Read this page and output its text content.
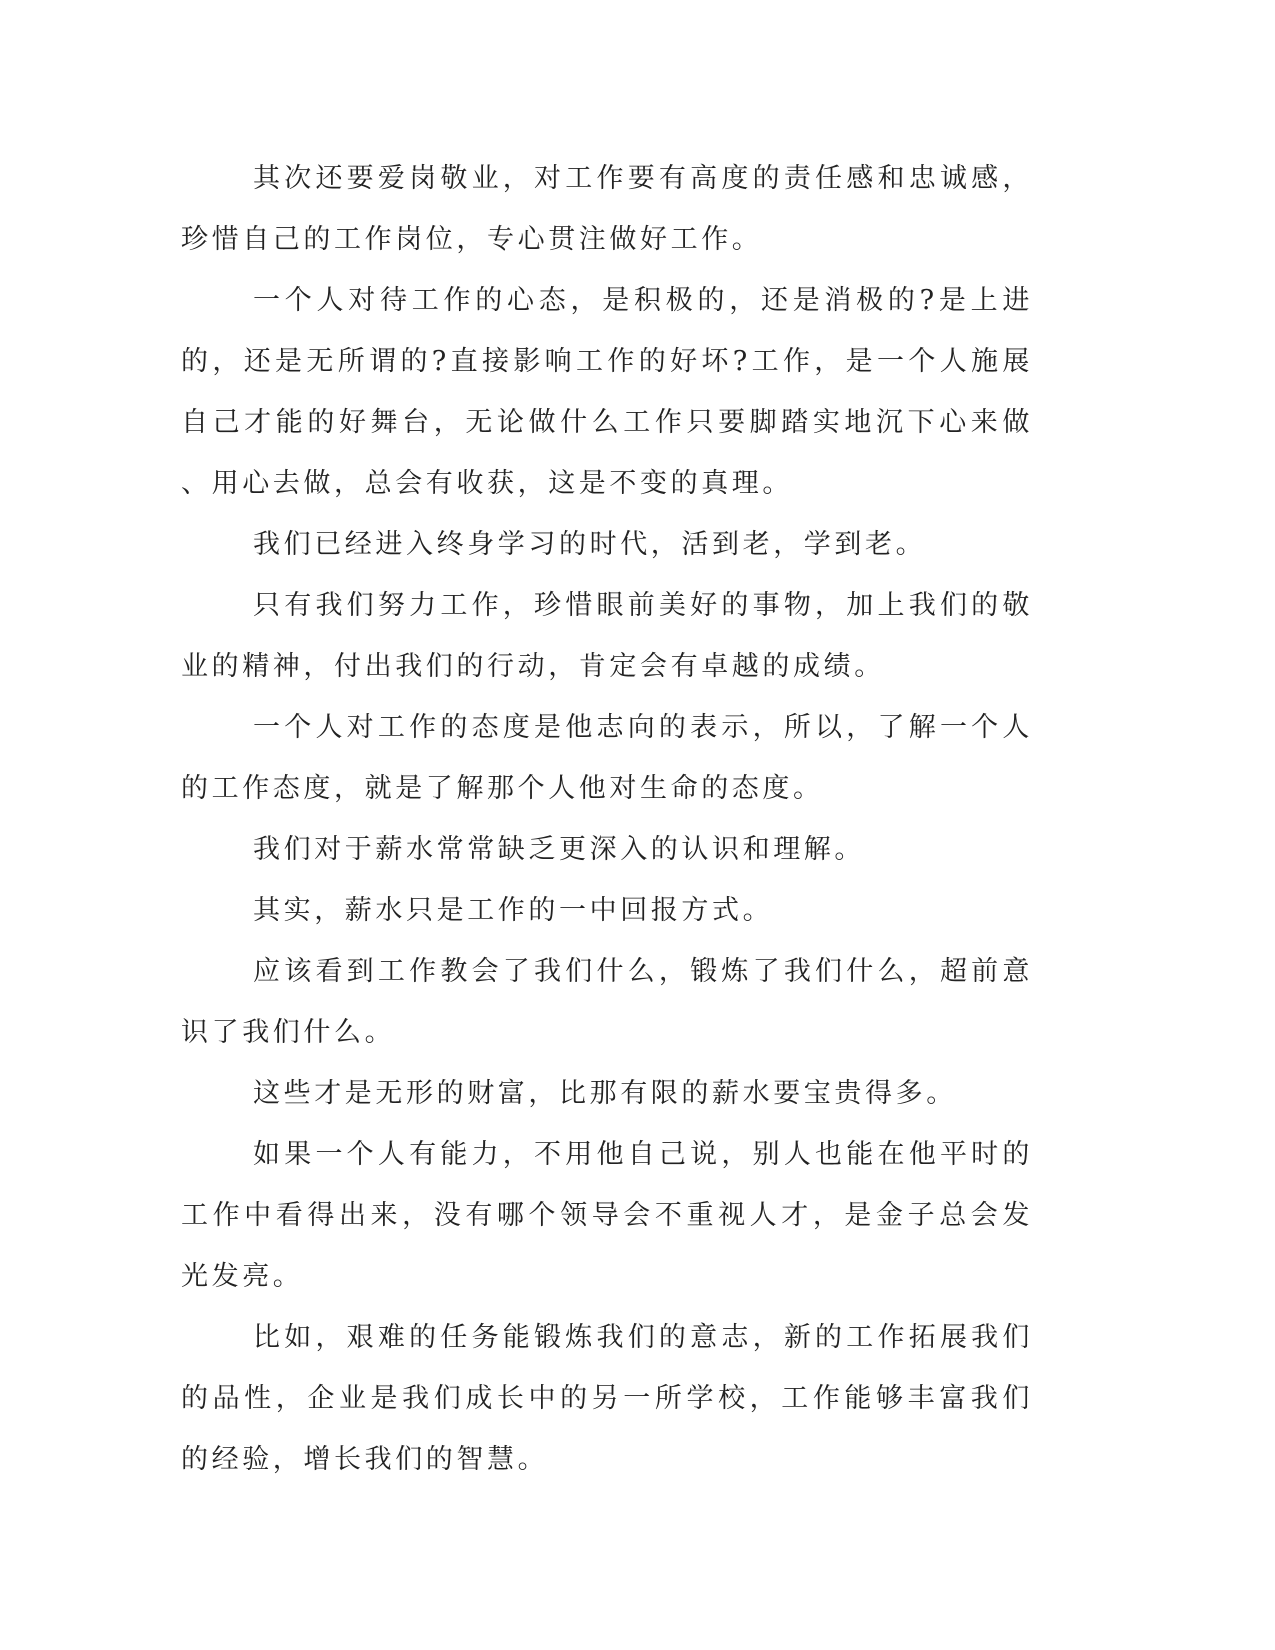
其次还要爱岗敬业，对工作要有高度的责任感和忠诚感，珍惜自己的工作岗位，专心贯注做好工作。

一个人对待工作的心态，是积极的，还是消极的?是上进的，还是无所谓的?直接影响工作的好坏?工作，是一个人施展自己才能的好舞台，无论做什么工作只要脚踏实地沉下心来做、用心去做，总会有收获，这是不变的真理。

我们已经进入终身学习的时代，活到老，学到老。

只有我们努力工作，珍惜眼前美好的事物，加上我们的敬业的精神，付出我们的行动，肯定会有卓越的成绩。

一个人对工作的态度是他志向的表示，所以，了解一个人的工作态度，就是了解那个人他对生命的态度。

我们对于薪水常常缺乏更深入的认识和理解。

其实，薪水只是工作的一中回报方式。

应该看到工作教会了我们什么，锻炼了我们什么，超前意识了我们什么。

这些才是无形的财富，比那有限的薪水要宝贵得多。

如果一个人有能力，不用他自己说，别人也能在他平时的工作中看得出来，没有哪个领导会不重视人才，是金子总会发光发亮。

比如，艰难的任务能锻炼我们的意志，新的工作拓展我们的品性，企业是我们成长中的另一所学校，工作能够丰富我们的经验，增长我们的智慧。
